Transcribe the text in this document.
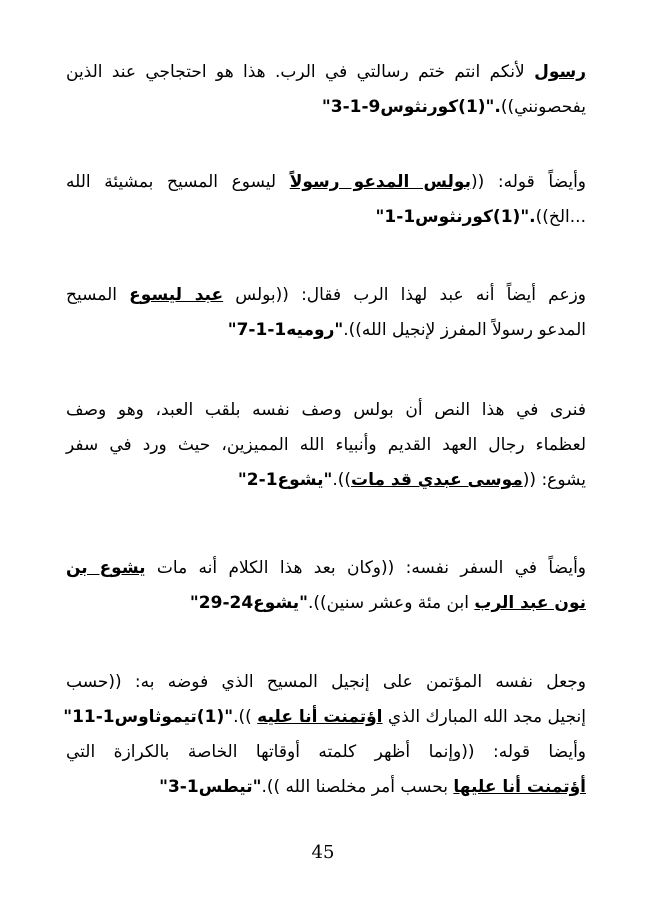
رسول لأنكم انتم ختم رسالتي في الرب. هذا هو احتجاجي عند الذين
يفحصونني))."(1)كورنثوس9-1-3"
وأيضاً قوله: ((بولس المدعو رسولاً ليسوع المسيح بمشيئة الله
...الخ))."(1)كورنثوس1-1"
وزعم أيضاً أنه عبد لهذا الرب فقال: ((بولس عبد ليسوع المسيح
المدعو رسولاً المفرز لإنجيل الله))."روميه1-1-7"
فنرى في هذا النص أن بولس وصف نفسه بلقب العبد، وهو وصف
لعظماء رجال العهد القديم وأنبياء الله المميزين، حيث ورد في سفر
يشوع: ((موسى عبدي قد مات))."يشوع1-2"
وأيضاً في السفر نفسه: ((وكان بعد هذا الكلام أنه مات يشوع بن
نون عبد الرب ابن مئة وعشر سنين))."يشوع24-29"
وجعل نفسه المؤتمن على إنجيل المسيح الذي فوضه به: ((حسب
إنجيل مجد الله المبارك الذي اؤتمنت أنا عليه ))."(1)تيموثاوس1-11"
وأيضا قوله: ((وإنما أظهر كلمته أوقاتها الخاصة بالكرازة التي
أؤتمنت أنا عليها بحسب أمر مخلصنا الله ))."تيطس1-3"
45
